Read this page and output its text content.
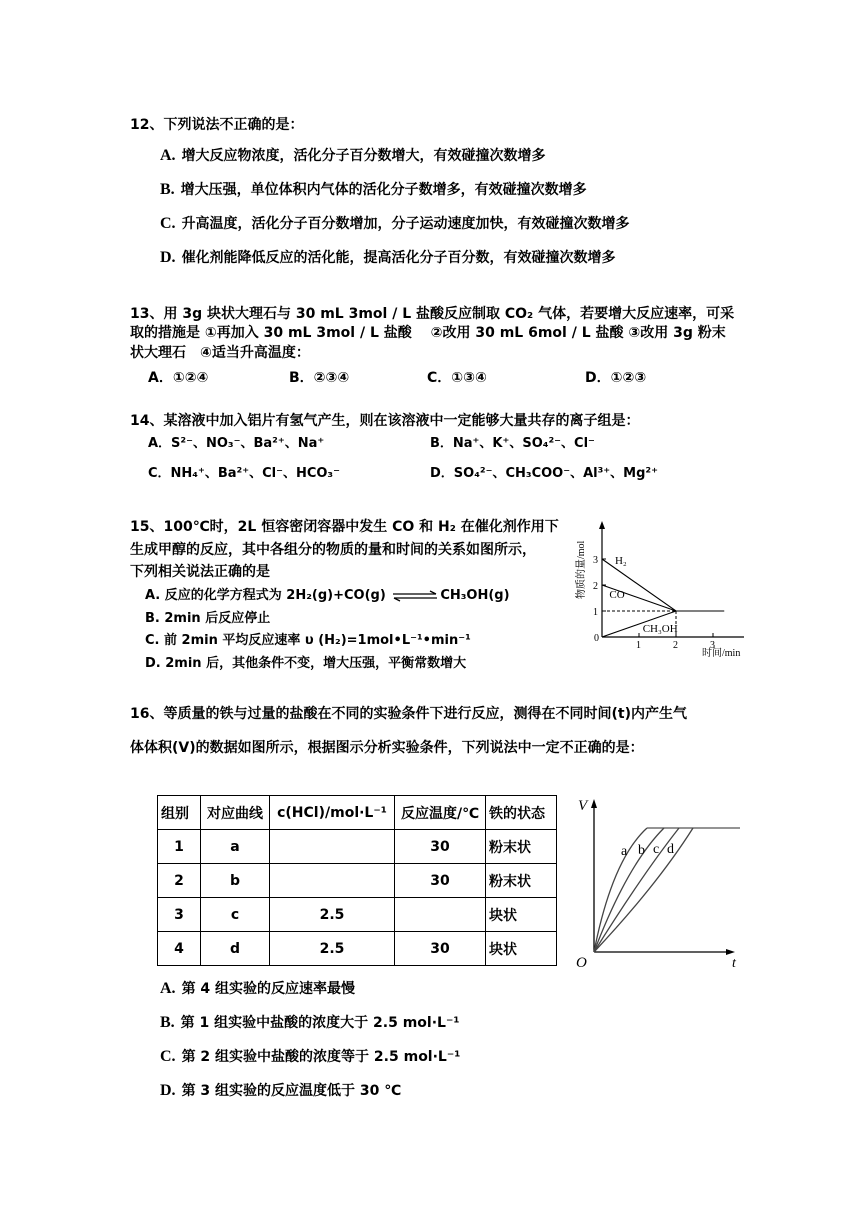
12、下列说法不正确的是：
A. 增大反应物浓度，活化分子百分数增大，有效碰撞次数增多
B. 增大压强，单位体积内气体的活化分子数增多，有效碰撞次数增多
C. 升高温度，活化分子百分数增加，分子运动速度加快，有效碰撞次数增多
D. 催化剂能降低反应的活化能，提高活化分子百分数，有效碰撞次数增多
13、用 3g 块状大理石与 30 mL 3mol / L 盐酸反应制取 CO₂ 气体，若要增大反应速率，可采
取的措施是 ①再加入 30 mL 3mol / L 盐酸　 ②改用 30 mL 6mol / L 盐酸 ③改用 3g 粉末
状大理石　④适当升高温度：
A．①②④	B．②③④	C．①③④	D．①②③
14、某溶液中加入铝片有氢气产生，则在该溶液中一定能够大量共存的离子组是：
A．S²⁻、NO₃⁻、Ba²⁺、Na⁺	B．Na⁺、K⁺、SO₄²⁻、Cl⁻
C．NH₄⁺、Ba²⁺、Cl⁻、HCO₃⁻	D．SO₄²⁻、CH₃COO⁻、Al³⁺、Mg²⁺
15、100℃时，2L 恒容密闭容器中发生 CO 和 H₂ 在催化剂作用下
生成甲醇的反应，其中各组分的物质的量和时间的关系如图所示，
下列相关说法正确的是
A. 反应的化学方程式为 2H₂(g)+CO(g) ⇌ CH₃OH(g)
B. 2min 后反应停止
C. 前 2min 平均反应速率 υ (H₂)=1mol•L⁻¹•min⁻¹
D. 2min 后，其他条件不变，增大压强，平衡常数增大
物质的量/mol
时间/min
0
1	2	3
1
2
3 H₂
CO
CH₃OH
16、等质量的铁与过量的盐酸在不同的实验条件下进行反应，测得在不同时间(t)内产生气
体体积(V)的数据如图所示，根据图示分析实验条件，下列说法中一定不正确的是：
组别	对应曲线	c(HCl)/mol·L⁻¹	反应温度/℃	铁的状态
1	a		30	粉末状
2	b		30	粉末状
3	c	2.5		块状
4	d	2.5	30	块状
V
t
O
a b c d
A. 第 4 组实验的反应速率最慢
B. 第 1 组实验中盐酸的浓度大于 2.5 mol·L⁻¹
C. 第 2 组实验中盐酸的浓度等于 2.5 mol·L⁻¹
D. 第 3 组实验的反应温度低于 30 ℃
